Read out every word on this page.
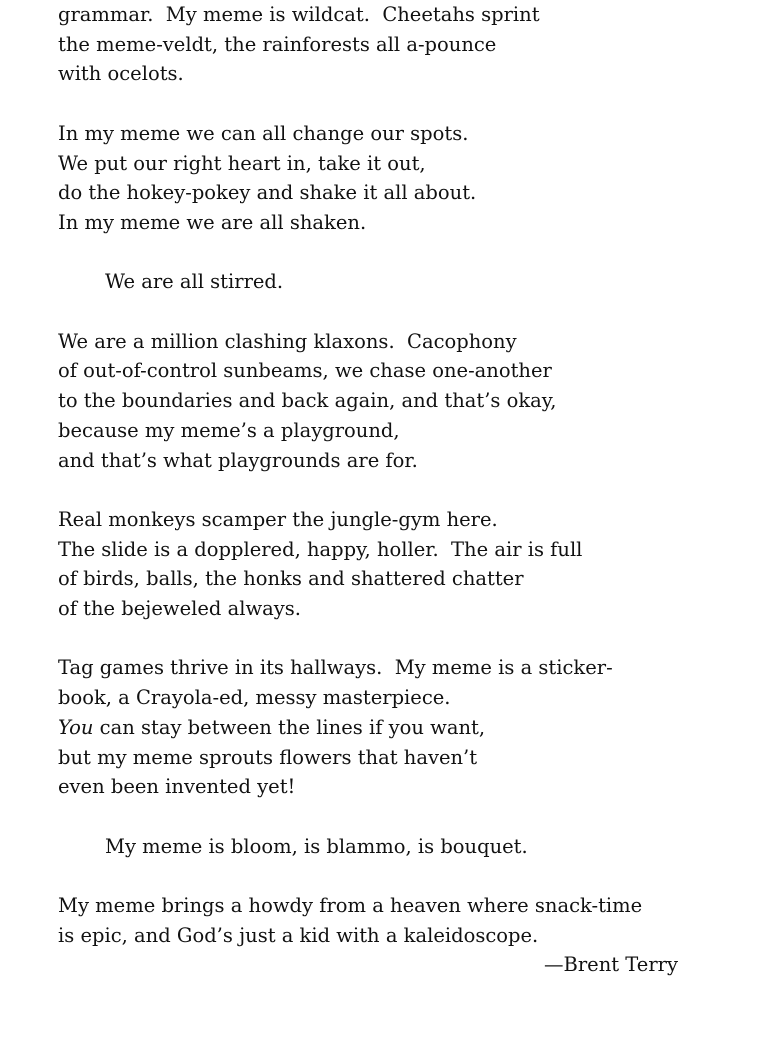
grammar.  My meme is wildcat.  Cheetahs sprint
the meme-veldt, the rainforests all a-pounce
with ocelots.
In my meme we can all change our spots.
We put our right heart in, take it out,
do the hokey-pokey and shake it all about.
In my meme we are all shaken.
We are all stirred.
We are a million clashing klaxons.  Cacophony
of out-of-control sunbeams, we chase one-another
to the boundaries and back again, and that’s okay,
because my meme’s a playground,
and that’s what playgrounds are for.
Real monkeys scamper the jungle-gym here.
The slide is a dopplered, happy, holler.  The air is full
of birds, balls, the honks and shattered chatter
of the bejeweled always.
Tag games thrive in its hallways.  My meme is a sticker-
book, a Crayola-ed, messy masterpiece.
You can stay between the lines if you want,
but my meme sprouts flowers that haven’t
even been invented yet!
My meme is bloom, is blammo, is bouquet.
My meme brings a howdy from a heaven where snack-time
is epic, and God’s just a kid with a kaleidoscope.
—Brent Terry
